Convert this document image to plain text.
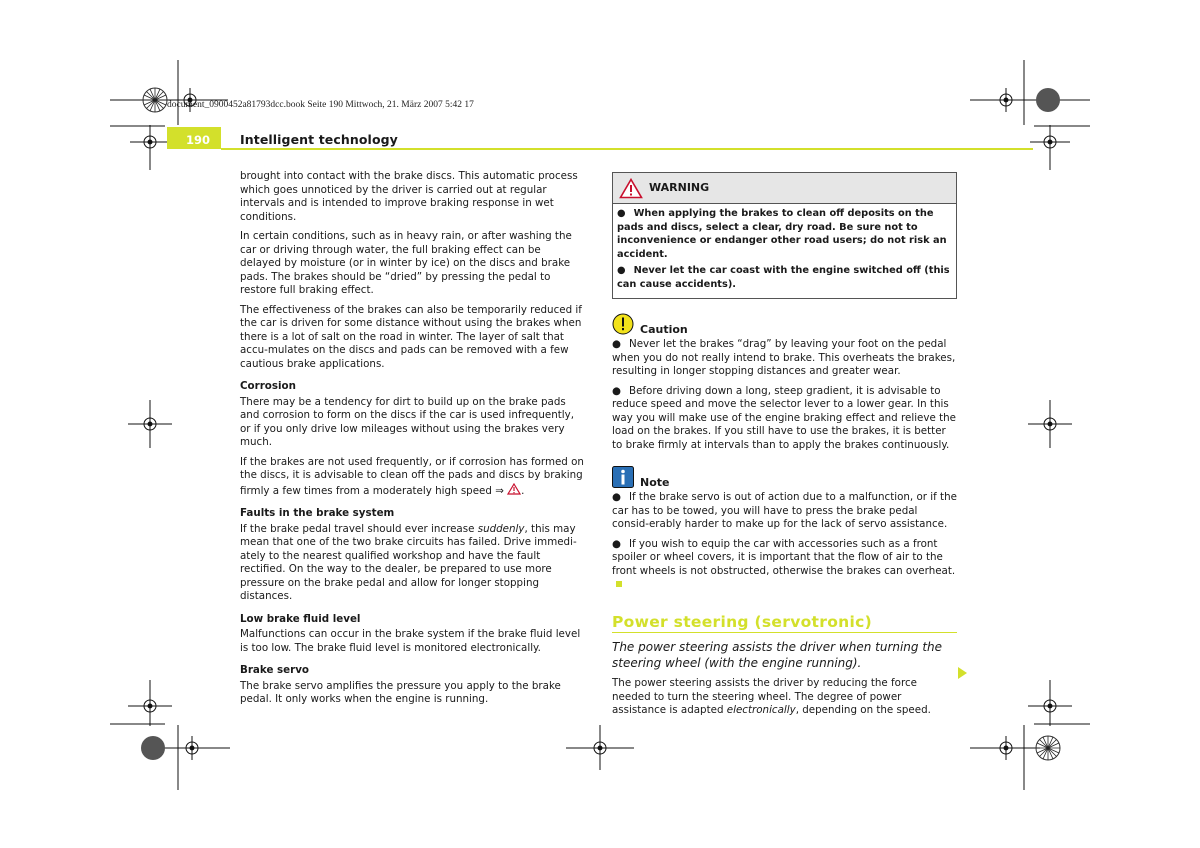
document_0900452a81793dcc.book Seite 190 Mittwoch, 21. März 2007 5:42 17
190 Intelligent technology

brought into contact with the brake discs. This automatic process which goes unnoticed by the driver is carried out at regular intervals and is intended to improve braking response in wet conditions.

In certain conditions, such as in heavy rain, or after washing the car or driving through water, the full braking effect can be delayed by moisture (or in winter by ice) on the discs and brake pads. The brakes should be “dried” by pressing the pedal to restore full braking effect.

The effectiveness of the brakes can also be temporarily reduced if the car is driven for some distance without using the brakes when there is a lot of salt on the road in winter. The layer of salt that accu-mulates on the discs and pads can be removed with a few cautious brake applications.

Corrosion

There may be a tendency for dirt to build up on the brake pads and corrosion to form on the discs if the car is used infrequently, or if you only drive low mileages without using the brakes very much.

If the brakes are not used frequently, or if corrosion has formed on the discs, it is advisable to clean off the pads and discs by braking firmly a few times from a moderately high speed ⇒ .

Faults in the brake system

If the brake pedal travel should ever increase suddenly, this may mean that one of the two brake circuits has failed. Drive immedi-ately to the nearest qualified workshop and have the fault rectified. On the way to the dealer, be prepared to use more pressure on the brake pedal and allow for longer stopping distances.

Low brake fluid level

Malfunctions can occur in the brake system if the brake fluid level is too low. The brake fluid level is monitored electronically.

Brake servo

The brake servo amplifies the pressure you apply to the brake pedal. It only works when the engine is running.

WARNING

● When applying the brakes to clean off deposits on the pads and discs, select a clear, dry road. Be sure not to inconvenience or endanger other road users; do not risk an accident.

● Never let the car coast with the engine switched off (this can cause accidents).

Caution

● Never let the brakes “drag” by leaving your foot on the pedal when you do not really intend to brake. This overheats the brakes, resulting in longer stopping distances and greater wear.

● Before driving down a long, steep gradient, it is advisable to reduce speed and move the selector lever to a lower gear. In this way you will make use of the engine braking effect and relieve the load on the brakes. If you still have to use the brakes, it is better to brake firmly at intervals than to apply the brakes continuously.

Note

● If the brake servo is out of action due to a malfunction, or if the car has to be towed, you will have to press the brake pedal consid-erably harder to make up for the lack of servo assistance.

● If you wish to equip the car with accessories such as a front spoiler or wheel covers, it is important that the flow of air to the front wheels is not obstructed, otherwise the brakes can overheat.

Power steering (servotronic)

The power steering assists the driver when turning the steering wheel (with the engine running).

The power steering assists the driver by reducing the force needed to turn the steering wheel. The degree of power assistance is adapted electronically, depending on the speed.
